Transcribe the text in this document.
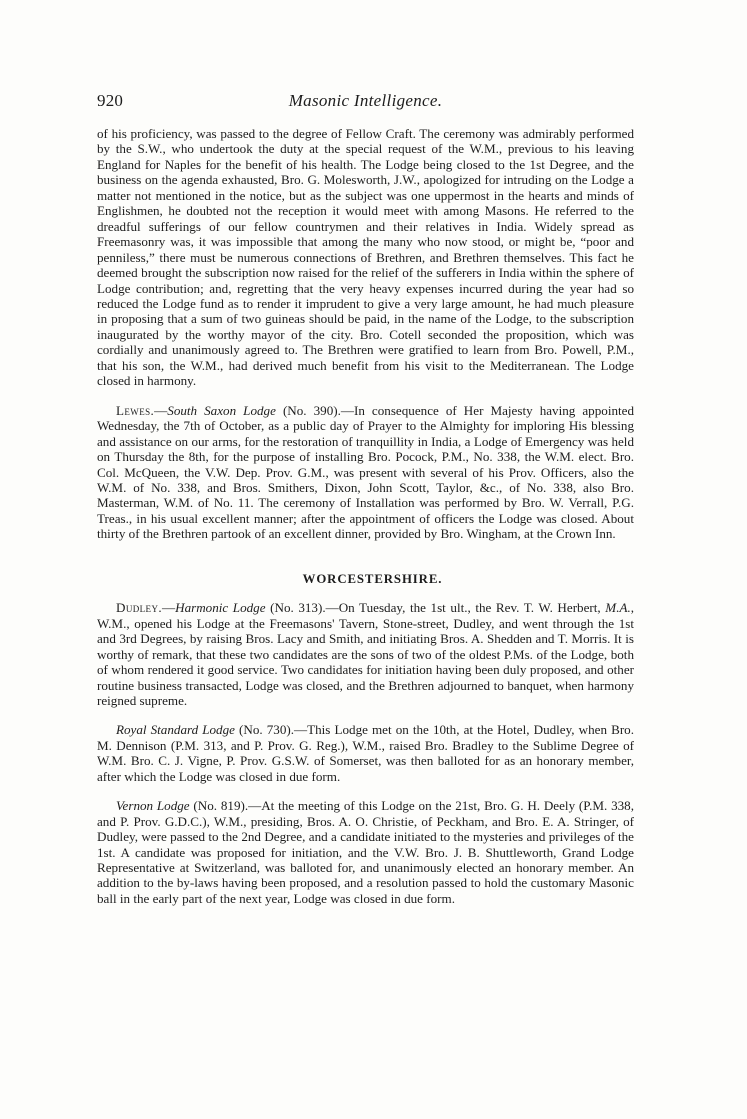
920	Masonic Intelligence.

of his proficiency, was passed to the degree of Fellow Craft. The ceremony was admirably performed by the S.W., who undertook the duty at the special request of the W.M., previous to his leaving England for Naples for the benefit of his health. The Lodge being closed to the 1st Degree, and the business on the agenda exhausted, Bro. G. Molesworth, J.W., apologized for intruding on the Lodge a matter not mentioned in the notice, but as the subject was one uppermost in the hearts and minds of Englishmen, he doubted not the reception it would meet with among Masons. He referred to the dreadful sufferings of our fellow countrymen and their relatives in India. Widely spread as Freemasonry was, it was impossible that among the many who now stood, or might be, “poor and penniless,” there must be numerous connections of Brethren, and Brethren themselves. This fact he deemed brought the subscription now raised for the relief of the sufferers in India within the sphere of Lodge contribution; and, regretting that the very heavy expenses incurred during the year had so reduced the Lodge fund as to render it imprudent to give a very large amount, he had much pleasure in proposing that a sum of two guineas should be paid, in the name of the Lodge, to the subscription inaugurated by the worthy mayor of the city. Bro. Cotell seconded the proposition, which was cordially and unanimously agreed to. The Brethren were gratified to learn from Bro. Powell, P.M., that his son, the W.M., had derived much benefit from his visit to the Mediterranean. The Lodge closed in harmony.

Lewes.—South Saxon Lodge (No. 390).—In consequence of Her Majesty having appointed Wednesday, the 7th of October, as a public day of Prayer to the Almighty for imploring His blessing and assistance on our arms, for the restoration of tranquillity in India, a Lodge of Emergency was held on Thursday the 8th, for the purpose of installing Bro. Pocock, P.M., No. 338, the W.M. elect. Bro. Col. McQueen, the V.W. Dep. Prov. G.M., was present with several of his Prov. Officers, also the W.M. of No. 338, and Bros. Smithers, Dixon, John Scott, Taylor, &c., of No. 338, also Bro. Masterman, W.M. of No. 11. The ceremony of Installation was performed by Bro. W. Verrall, P.G. Treas., in his usual excellent manner; after the appointment of officers the Lodge was closed. About thirty of the Brethren partook of an excellent dinner, provided by Bro. Wingham, at the Crown Inn.

WORCESTERSHIRE.

Dudley.—Harmonic Lodge (No. 313).—On Tuesday, the 1st ult., the Rev. T. W. Herbert, M.A., W.M., opened his Lodge at the Freemasons' Tavern, Stone-street, Dudley, and went through the 1st and 3rd Degrees, by raising Bros. Lacy and Smith, and initiating Bros. A. Shedden and T. Morris. It is worthy of remark, that these two candidates are the sons of two of the oldest P.Ms. of the Lodge, both of whom rendered it good service. Two candidates for initiation having been duly proposed, and other routine business transacted, Lodge was closed, and the Brethren adjourned to banquet, when harmony reigned supreme.

Royal Standard Lodge (No. 730).—This Lodge met on the 10th, at the Hotel, Dudley, when Bro. M. Dennison (P.M. 313, and P. Prov. G. Reg.), W.M., raised Bro. Bradley to the Sublime Degree of W.M. Bro. C. J. Vigne, P. Prov. G.S.W. of Somerset, was then balloted for as an honorary member, after which the Lodge was closed in due form.

Vernon Lodge (No. 819).—At the meeting of this Lodge on the 21st, Bro. G. H. Deely (P.M. 338, and P. Prov. G.D.C.), W.M., presiding, Bros. A. O. Christie, of Peckham, and Bro. E. A. Stringer, of Dudley, were passed to the 2nd Degree, and a candidate initiated to the mysteries and privileges of the 1st. A candidate was proposed for initiation, and the V.W. Bro. J. B. Shuttleworth, Grand Lodge Representative at Switzerland, was balloted for, and unanimously elected an honorary member. An addition to the by-laws having been proposed, and a resolution passed to hold the customary Masonic ball in the early part of the next year, Lodge was closed in due form.
